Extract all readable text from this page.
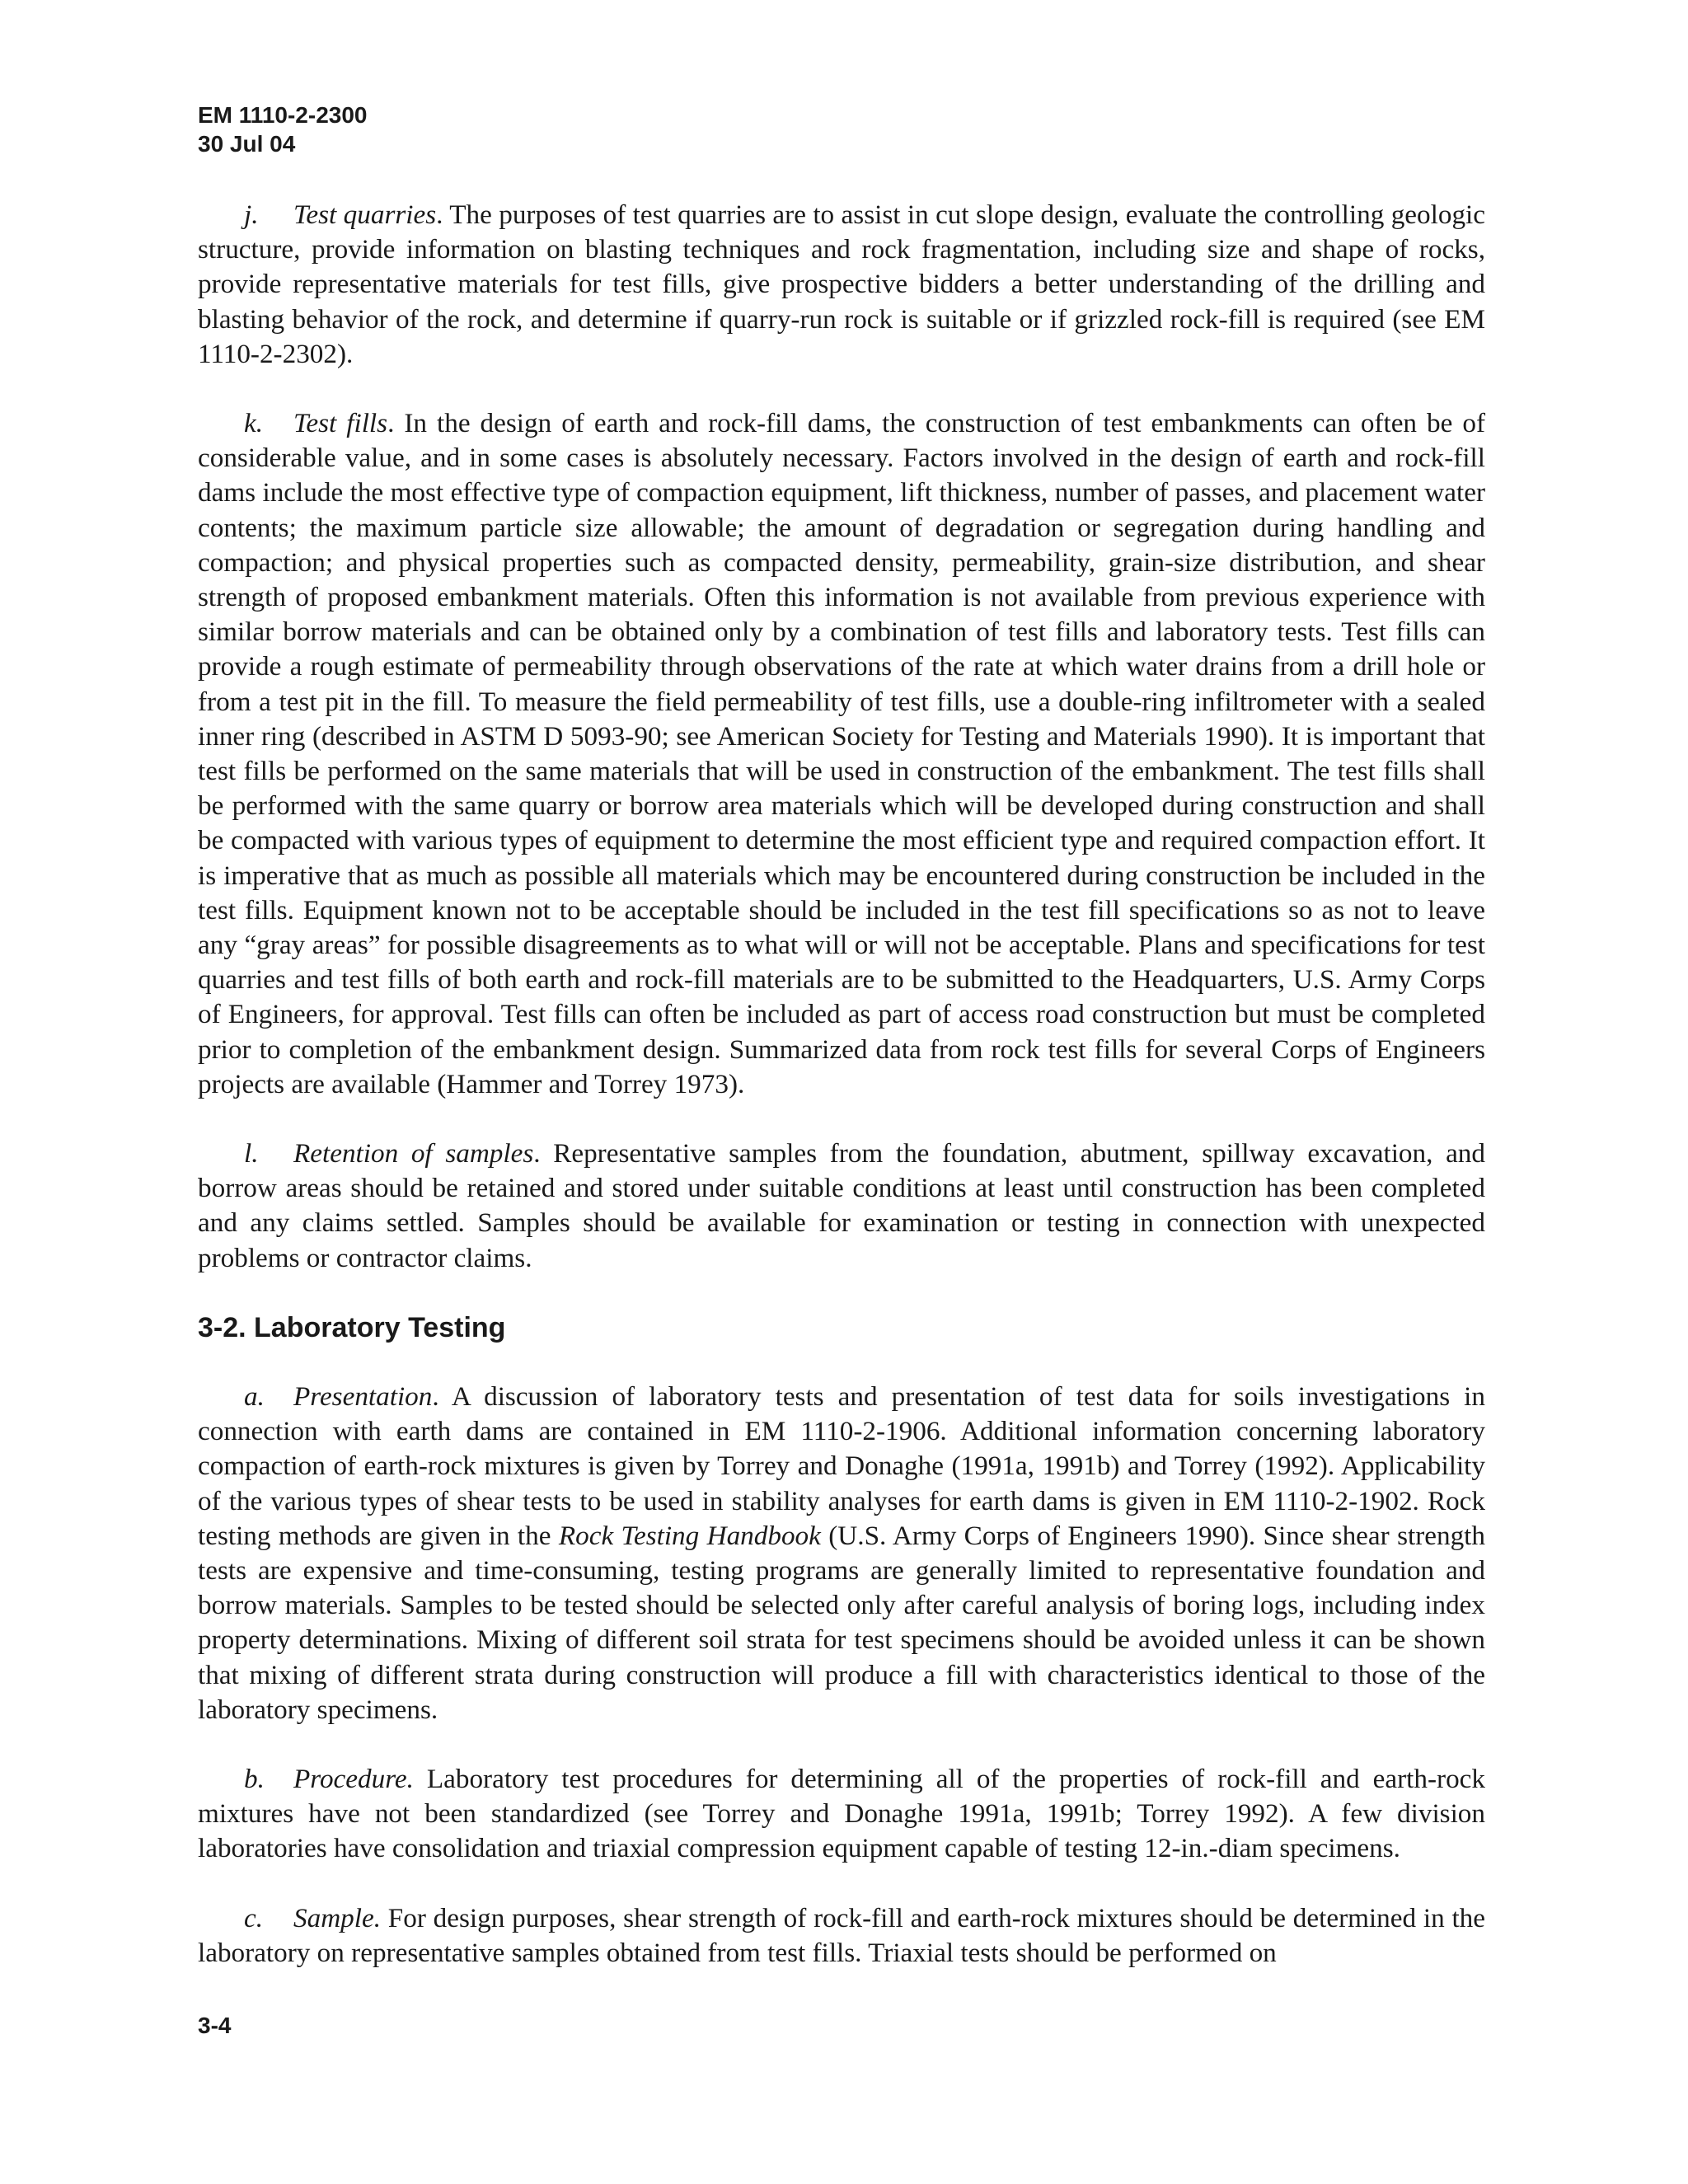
EM 1110-2-2300
30 Jul 04

j. Test quarries. The purposes of test quarries are to assist in cut slope design, evaluate the controlling geologic structure, provide information on blasting techniques and rock fragmentation, including size and shape of rocks, provide representative materials for test fills, give prospective bidders a better understanding of the drilling and blasting behavior of the rock, and determine if quarry-run rock is suitable or if grizzled rock-fill is required (see EM 1110-2-2302).

k. Test fills. In the design of earth and rock-fill dams, the construction of test embankments can often be of considerable value, and in some cases is absolutely necessary. Factors involved in the design of earth and rock-fill dams include the most effective type of compaction equipment, lift thickness, number of passes, and placement water contents; the maximum particle size allowable; the amount of degradation or segregation during handling and compaction; and physical properties such as compacted density, permeability, grain-size distribution, and shear strength of proposed embankment materials. Often this information is not available from previous experience with similar borrow materials and can be obtained only by a combination of test fills and laboratory tests. Test fills can provide a rough estimate of permeability through observations of the rate at which water drains from a drill hole or from a test pit in the fill. To measure the field permeability of test fills, use a double-ring infiltrometer with a sealed inner ring (described in ASTM D 5093-90; see American Society for Testing and Materials 1990). It is important that test fills be performed on the same materials that will be used in construction of the embankment. The test fills shall be performed with the same quarry or borrow area materials which will be developed during construction and shall be compacted with various types of equipment to determine the most efficient type and required compaction effort. It is imperative that as much as possible all materials which may be encountered during construction be included in the test fills. Equipment known not to be acceptable should be included in the test fill specifications so as not to leave any “gray areas” for possible disagreements as to what will or will not be acceptable. Plans and specifications for test quarries and test fills of both earth and rock-fill materials are to be submitted to the Headquarters, U.S. Army Corps of Engineers, for approval. Test fills can often be included as part of access road construction but must be completed prior to completion of the embankment design. Summarized data from rock test fills for several Corps of Engineers projects are available (Hammer and Torrey 1973).

l. Retention of samples. Representative samples from the foundation, abutment, spillway excavation, and borrow areas should be retained and stored under suitable conditions at least until construction has been completed and any claims settled. Samples should be available for examination or testing in connection with unexpected problems or contractor claims.

3-2. Laboratory Testing

a. Presentation. A discussion of laboratory tests and presentation of test data for soils investigations in connection with earth dams are contained in EM 1110-2-1906. Additional information concerning laboratory compaction of earth-rock mixtures is given by Torrey and Donaghe (1991a, 1991b) and Torrey (1992). Applicability of the various types of shear tests to be used in stability analyses for earth dams is given in EM 1110-2-1902. Rock testing methods are given in the Rock Testing Handbook (U.S. Army Corps of Engineers 1990). Since shear strength tests are expensive and time-consuming, testing programs are generally limited to representative foundation and borrow materials. Samples to be tested should be selected only after careful analysis of boring logs, including index property determinations. Mixing of different soil strata for test specimens should be avoided unless it can be shown that mixing of different strata during construction will produce a fill with characteristics identical to those of the laboratory specimens.

b. Procedure. Laboratory test procedures for determining all of the properties of rock-fill and earth-rock mixtures have not been standardized (see Torrey and Donaghe 1991a, 1991b; Torrey 1992). A few division laboratories have consolidation and triaxial compression equipment capable of testing 12-in.-diam specimens.

c. Sample. For design purposes, shear strength of rock-fill and earth-rock mixtures should be determined in the laboratory on representative samples obtained from test fills. Triaxial tests should be performed on

3-4
